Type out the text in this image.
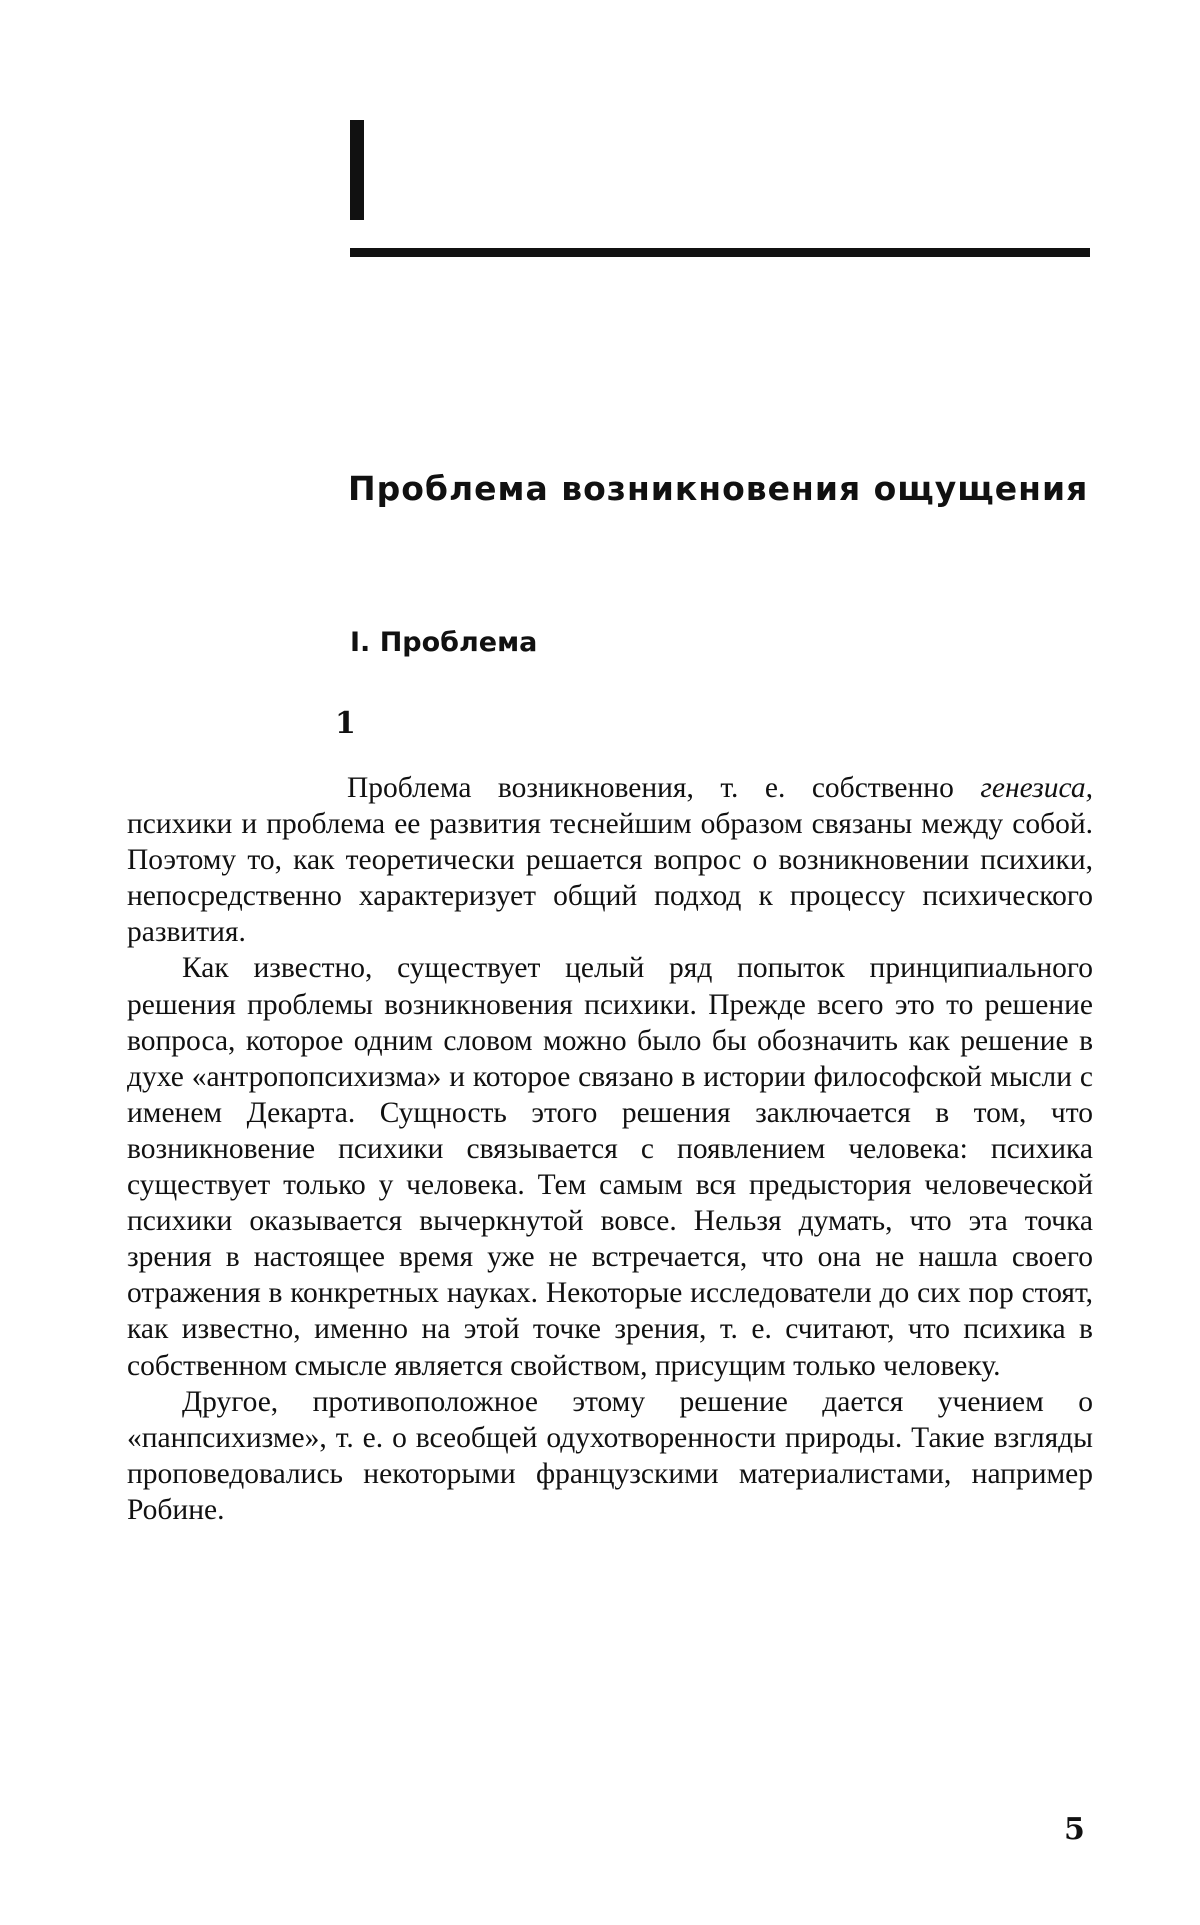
Проблема возникновения ощущения
I. Проблема
1

Проблема возникновения, т. е. собственно генезиса, психики и проблема ее развития теснейшим образом связаны между собой. Поэтому то, как теоретически решается вопрос о возникновении психики, непосредственно характеризует общий подход к процессу психического развития.

Как известно, существует целый ряд попыток принципиального решения проблемы возникновения психики. Прежде всего это то решение вопроса, которое одним словом можно было бы обозначить как решение в духе «антропопсихизма» и которое связано в истории философской мысли с именем Декарта. Сущность этого решения заключается в том, что возникновение психики связывается с появлением человека: психика существует только у человека. Тем самым вся предыстория человеческой психики оказывается вычеркнутой вовсе. Нельзя думать, что эта точка зрения в настоящее время уже не встречается, что она не нашла своего отражения в конкретных науках. Некоторые исследователи до сих пор стоят, как известно, именно на этой точке зрения, т. е. считают, что психика в собственном смысле является свойством, присущим только человеку.

Другое, противоположное этому решение дается учением о «панпсихизме», т. е. о всеобщей одухотворенности природы. Такие взгляды проповедовались некоторыми французскими материалистами, например Робине.

5
